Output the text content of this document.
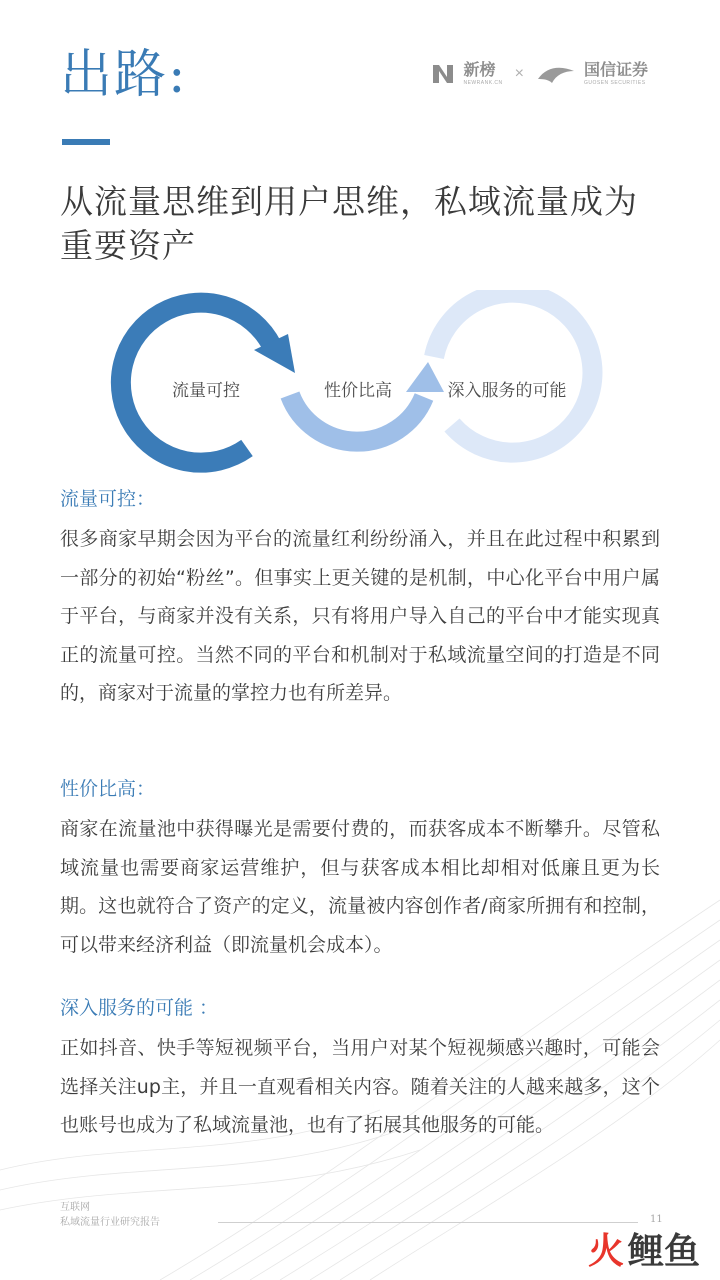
出路:	新榜
NEWRANK.CN
×	国信证券
GUOSEN SECURITIES
从流量思维到用户思维，私域流量成为重要资产
流量可控	性价比高	深入服务的可能
流量可控：
很多商家早期会因为平台的流量红利纷纷涌入，并且在此过程中积累到一部分的初始“粉丝”。但事实上更关键的是机制，中心化平台中用户属于平台，与商家并没有关系，只有将用户导入自己的平台中才能实现真正的流量可控。当然不同的平台和机制对于私域流量空间的打造是不同的，商家对于流量的掌控力也有所差异。
性价比高：
商家在流量池中获得曝光是需要付费的，而获客成本不断攀升。尽管私域流量也需要商家运营维护，但与获客成本相比却相对低廉且更为长期。这也就符合了资产的定义，流量被内容创作者/商家所拥有和控制，可以带来经济利益（即流量机会成本）。
深入服务的可能 ：
正如抖音、快手等短视频平台，当用户对某个短视频感兴趣时，可能会选择关注up主，并且一直观看相关内容。随着关注的人越来越多，这个也账号也成为了私域流量池，也有了拓展其他服务的可能。
互联网
私域流量行业研究报告	11
火 鲤鱼
